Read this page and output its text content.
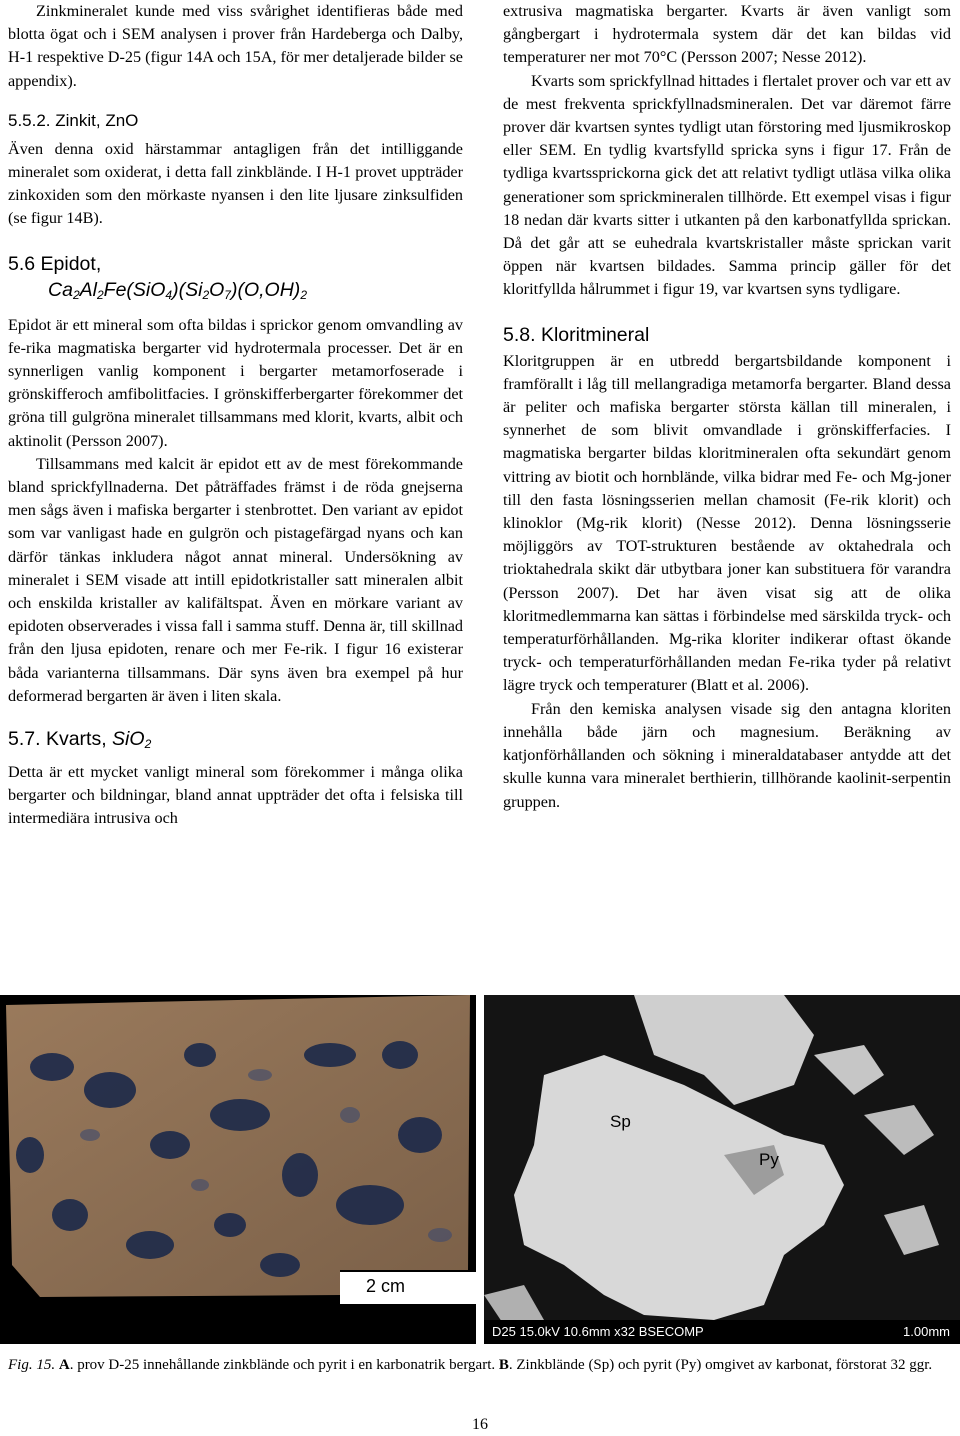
Zinkmineralet kunde med viss svårighet identifieras både med blotta ögat och i SEM analysen i prover från Hardeberga och Dalby, H-1 respektive D-25 (figur 14A och 15A, för mer detaljerade bilder se appendix).

5.5.2. Zinkit, ZnO

Även denna oxid härstammar antagligen från det intilliggande mineralet som oxiderat, i detta fall zinkblände. I H-1 provet uppträder zinkoxiden som den mörkaste nyansen i den lite ljusare zinksulfiden (se figur 14B).

5.6 Epidot,
$Ca_2Al_2Fe(SiO_4)(Si_2O_7)(O,OH)_2$

Epidot är ett mineral som ofta bildas i sprickor genom omvandling av fe-rika magmatiska bergarter vid hydrotermala processer. Det är en synnerligen vanlig komponent i bergarter metamorfoserade i grönskifferoch amfibolitfacies. I grönskifferbergarter förekommer det gröna till gulgröna mineralet tillsammans med klorit, kvarts, albit och aktinolit (Persson 2007).

Tillsammans med kalcit är epidot ett av de mest förekommande bland sprickfyllnaderna. Det påträffades främst i de röda gnejserna men sågs även i mafiska bergarter i stenbrottet. Den variant av epidot som var vanligast hade en gulgrön och pistagefärgad nyans och kan därför tänkas inkludera något annat mineral. Undersökning av mineralet i SEM visade att intill epidotkristaller satt mineralen albit och enskilda kristaller av kalifältspat. Även en mörkare variant av epidoten observerades i vissa fall i samma stuff. Denna är, till skillnad från den ljusa epidoten, renare och mer Fe-rik. I figur 16 existerar båda varianterna tillsammans. Där syns även bra exempel på hur deformerad bergarten är även i liten skala.

5.7. Kvarts, SiO$_2$

Detta är ett mycket vanligt mineral som förekommer i många olika bergarter och bildningar, bland annat uppträder det ofta i felsiska till intermediära intrusiva och

extrusiva magmatiska bergarter. Kvarts är även vanligt som gångbergart i hydrotermala system där det kan bildas vid temperaturer ner mot 70°C (Persson 2007; Nesse 2012).

Kvarts som sprickfyllnad hittades i flertalet prover och var ett av de mest frekventa sprickfyllnadsmineralen. Det var däremot färre prover där kvartsen syntes tydligt utan förstoring med ljusmikroskop eller SEM. En tydlig kvartsfylld spricka syns i figur 17. Från de tydliga kvartssprickorna gick det att relativt tydligt utläsa vilka olika generationer som sprickmineralen tillhörde. Ett exempel visas i figur 18 nedan där kvarts sitter i utkanten på den karbonatfyllda sprickan. Då det går att se euhedrala kvartskristaller måste sprickan varit öppen när kvartsen bildades. Samma princip gäller för det kloritfyllda hålrummet i figur 19, var kvartsen syns tydligare.

5.8. Kloritmineral

Kloritgruppen är en utbredd bergartsbildande komponent i framförallt i låg till mellangradiga metamorfa bergarter. Bland dessa är peliter och mafiska bergarter största källan till mineralen, i synnerhet de som blivit omvandlade i grönskifferfacies. I magmatiska bergarter bildas kloritmineralen ofta sekundärt genom vittring av biotit och hornblände, vilka bidrar med Fe- och Mg-joner till den fasta lösningsserien mellan chamosit (Fe-rik klorit) och klinoklor (Mg-rik klorit) (Nesse 2012). Denna lösningsserie möjliggörs av TOT-strukturen bestående av oktahedrala och trioktahedrala skikt där utbytbara joner kan substituera för varandra (Persson 2007). Det har även visat sig att de olika kloritmedlemmarna kan sättas i förbindelse med särskilda tryck- och temperaturförhållanden. Mg-rika kloriter indikerar oftast ökande tryck- och temperaturförhållanden medan Fe-rika tyder på relativt lägre tryck och temperaturer (Blatt et al. 2006).

Från den kemiska analysen visade sig den antagna kloriten innehålla både järn och magnesium. Beräkning av katjonförhållanden och sökning i mineraldatabaser antydde att det skulle kunna vara mineralet berthierin, tillhörande kaolinit-serpentin gruppen.

2 cm
D25 15.0kV 10.6mm x32 BSECOMP	1.00mm
Sp
Py
Fig. 15. A. prov D-25 innehållande zinkblände och pyrit i en karbonatrik bergart. B. Zinkblände (Sp) och pyrit (Py) omgivet av karbonat, förstorat 32 ggr.
16
